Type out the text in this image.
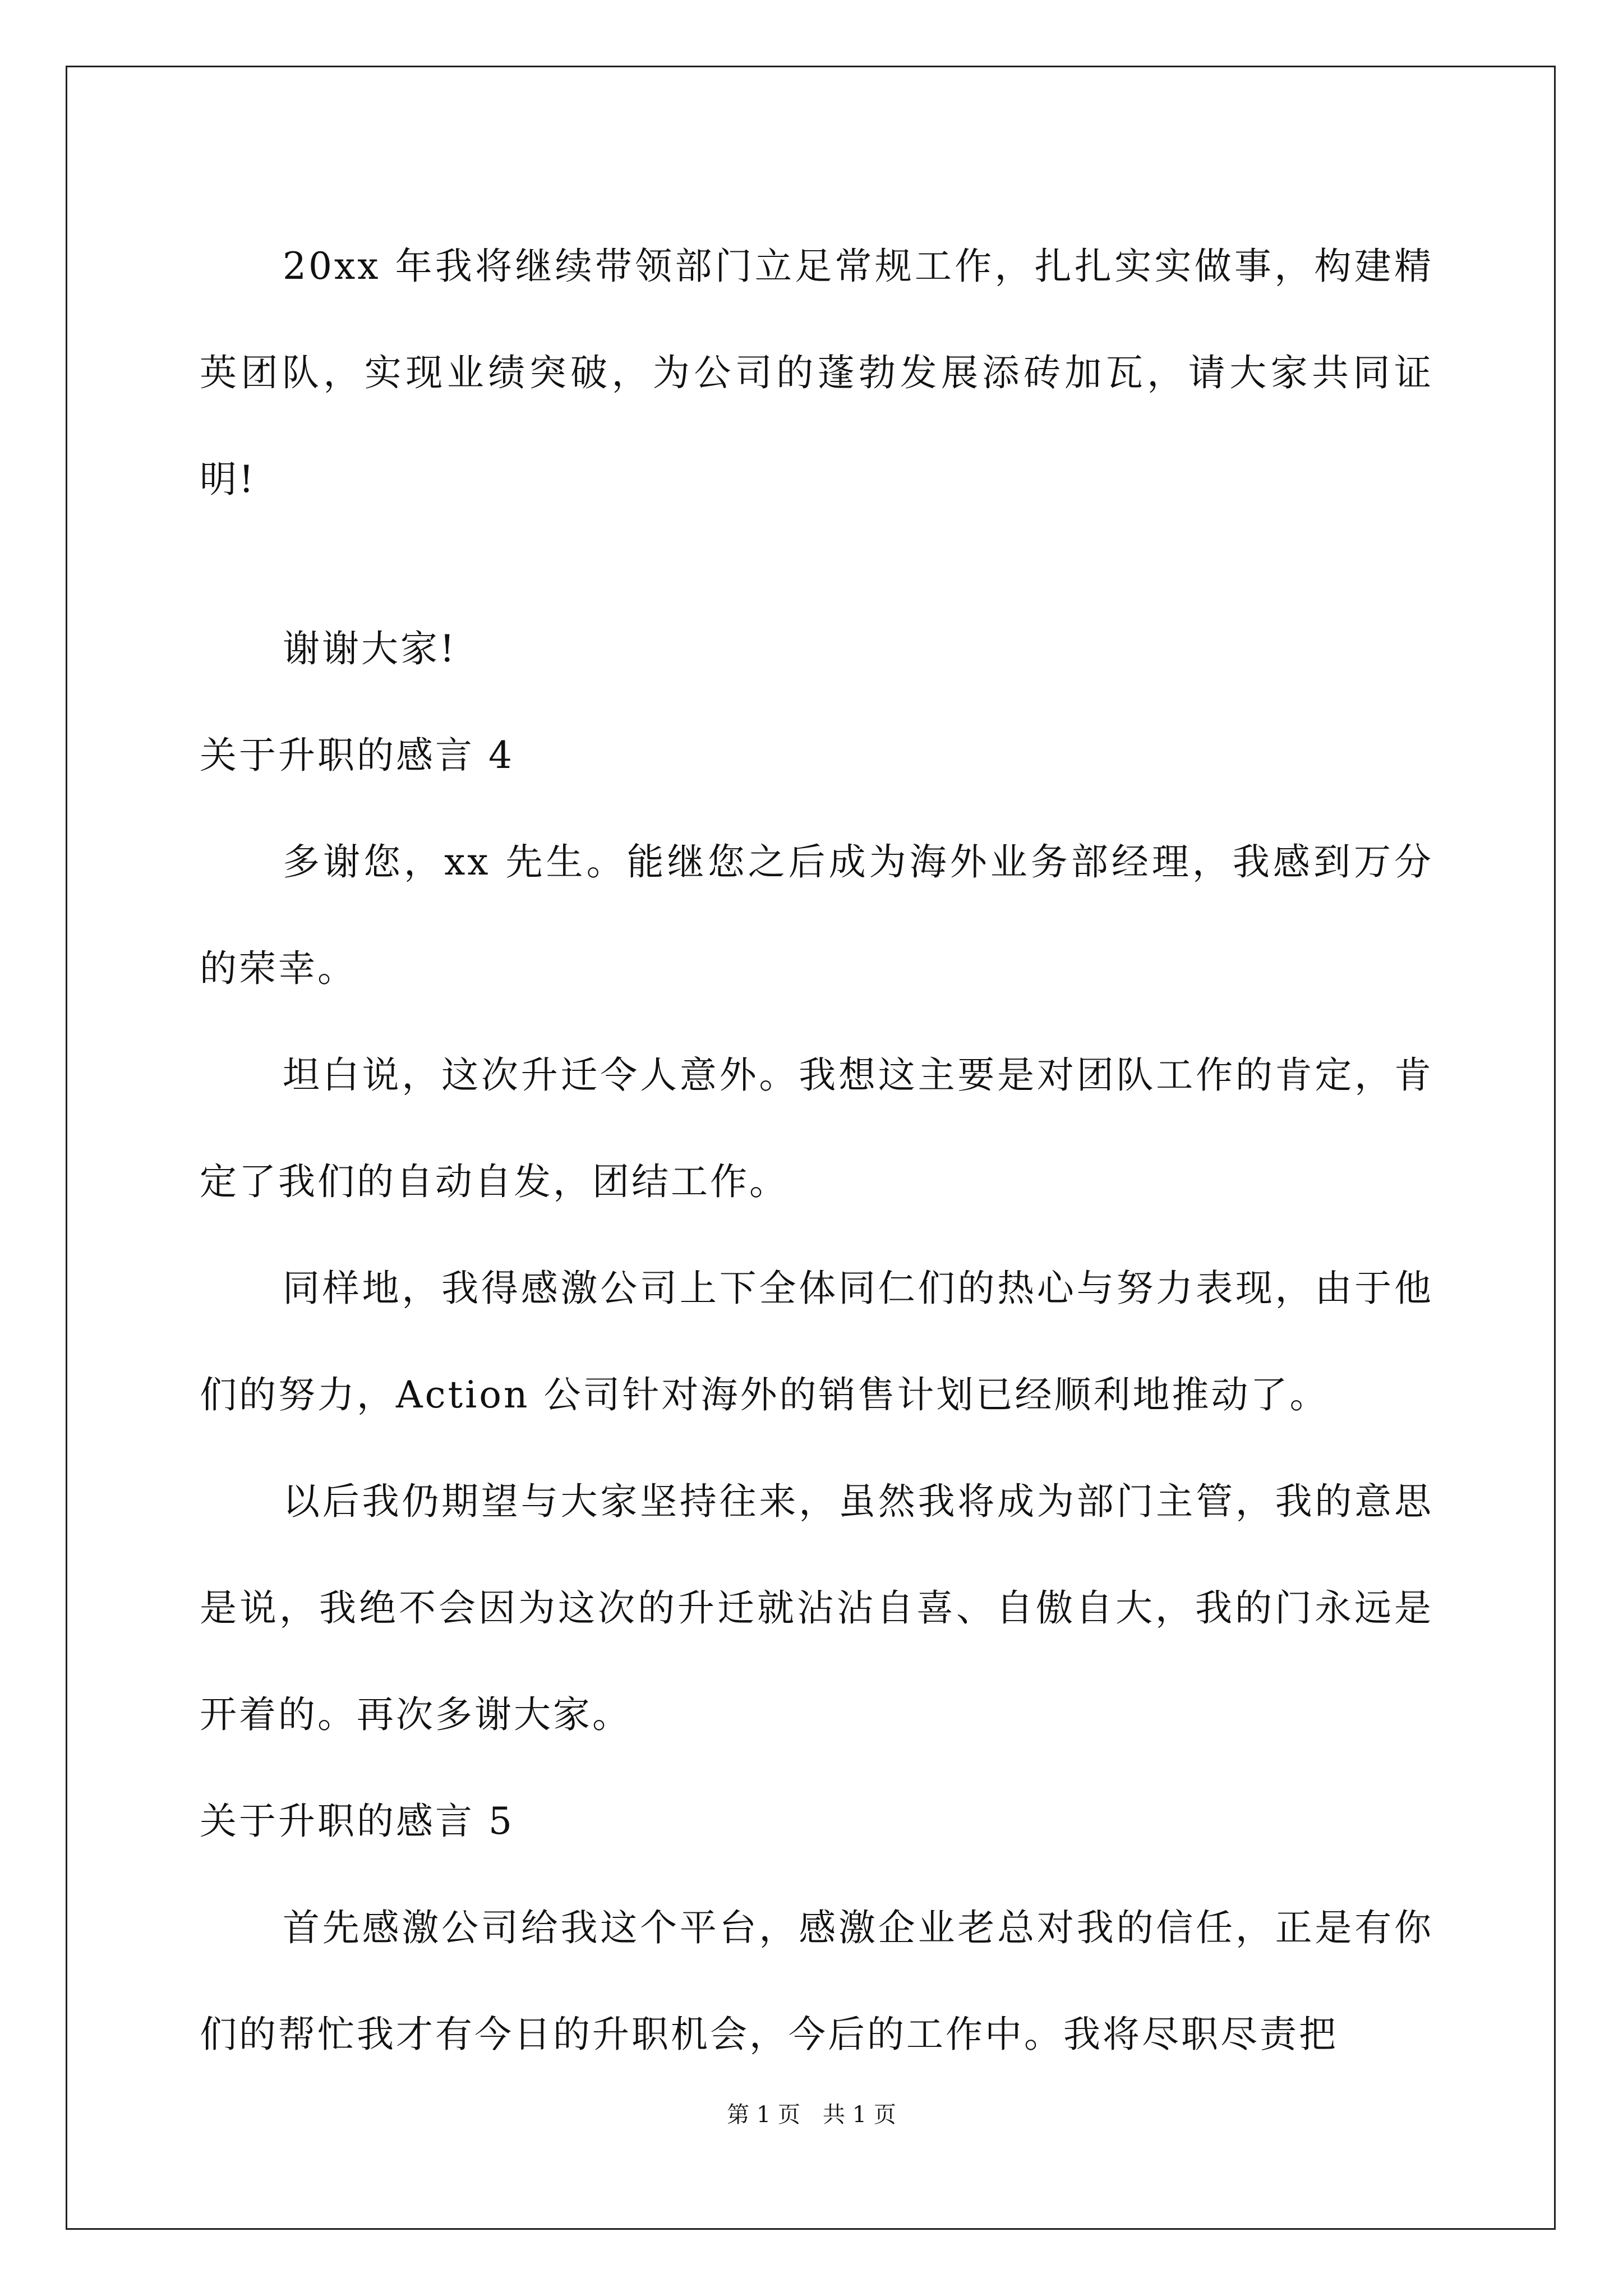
20xx 年我将继续带领部门立足常规工作，扎扎实实做事，构建精英团队，实现业绩突破，为公司的蓬勃发展添砖加瓦，请大家共同证明!

谢谢大家!

关于升职的感言 4

多谢您，xx 先生。能继您之后成为海外业务部经理，我感到万分的荣幸。

坦白说，这次升迁令人意外。我想这主要是对团队工作的肯定，肯定了我们的自动自发，团结工作。

同样地，我得感激公司上下全体同仁们的热心与努力表现，由于他们的努力，Action 公司针对海外的销售计划已经顺利地推动了。

以后我仍期望与大家坚持往来，虽然我将成为部门主管，我的意思是说，我绝不会因为这次的升迁就沾沾自喜、自傲自大，我的门永远是开着的。再次多谢大家。

关于升职的感言 5

首先感激公司给我这个平台，感激企业老总对我的信任，正是有你们的帮忙我才有今日的升职机会，今后的工作中。我将尽职尽责把

第 1 页　共 1 页
